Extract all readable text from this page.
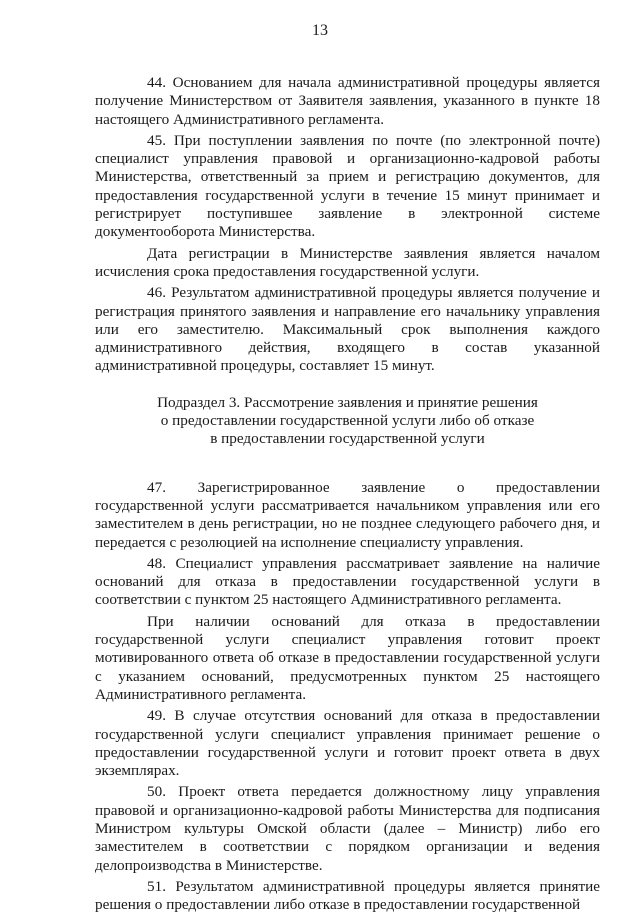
13

44. Основанием для начала административной процедуры является получение Министерством от Заявителя заявления, указанного в пункте 18 настоящего Административного регламента.

45. При поступлении заявления по почте (по электронной почте) специалист управления правовой и организационно-кадровой работы Министерства, ответственный за прием и регистрацию документов, для предоставления государственной услуги в течение 15 минут принимает и регистрирует поступившее заявление в электронной системе документооборота Министерства.

Дата регистрации в Министерстве заявления является началом исчисления срока предоставления государственной услуги.

46. Результатом административной процедуры является получение и регистрация принятого заявления и направление его начальнику управления или его заместителю. Максимальный срок выполнения каждого административного действия, входящего в состав указанной административной процедуры, составляет 15 минут.

Подраздел 3. Рассмотрение заявления и принятие решения
о предоставлении государственной услуги либо об отказе
в предоставлении государственной услуги

47. Зарегистрированное заявление о предоставлении государственной услуги рассматривается начальником управления или его заместителем в день регистрации, но не позднее следующего рабочего дня, и передается с резолюцией на исполнение специалисту управления.

48. Специалист управления рассматривает заявление на наличие оснований для отказа в предоставлении государственной услуги в соответствии с пунктом 25 настоящего Административного регламента.

При наличии оснований для отказа в предоставлении государственной услуги специалист управления готовит проект мотивированного ответа об отказе в предоставлении государственной услуги с указанием оснований, предусмотренных пунктом 25 настоящего Административного регламента.

49. В случае отсутствия оснований для отказа в предоставлении государственной услуги специалист управления принимает решение о предоставлении государственной услуги и готовит проект ответа в двух экземплярах.

50. Проект ответа передается должностному лицу управления правовой и организационно-кадровой работы Министерства для подписания Министром культуры Омской области (далее – Министр) либо его заместителем в соответствии с порядком организации и ведения делопроизводства в Министерстве.

51. Результатом административной процедуры является принятие решения о предоставлении либо отказе в предоставлении государственной
